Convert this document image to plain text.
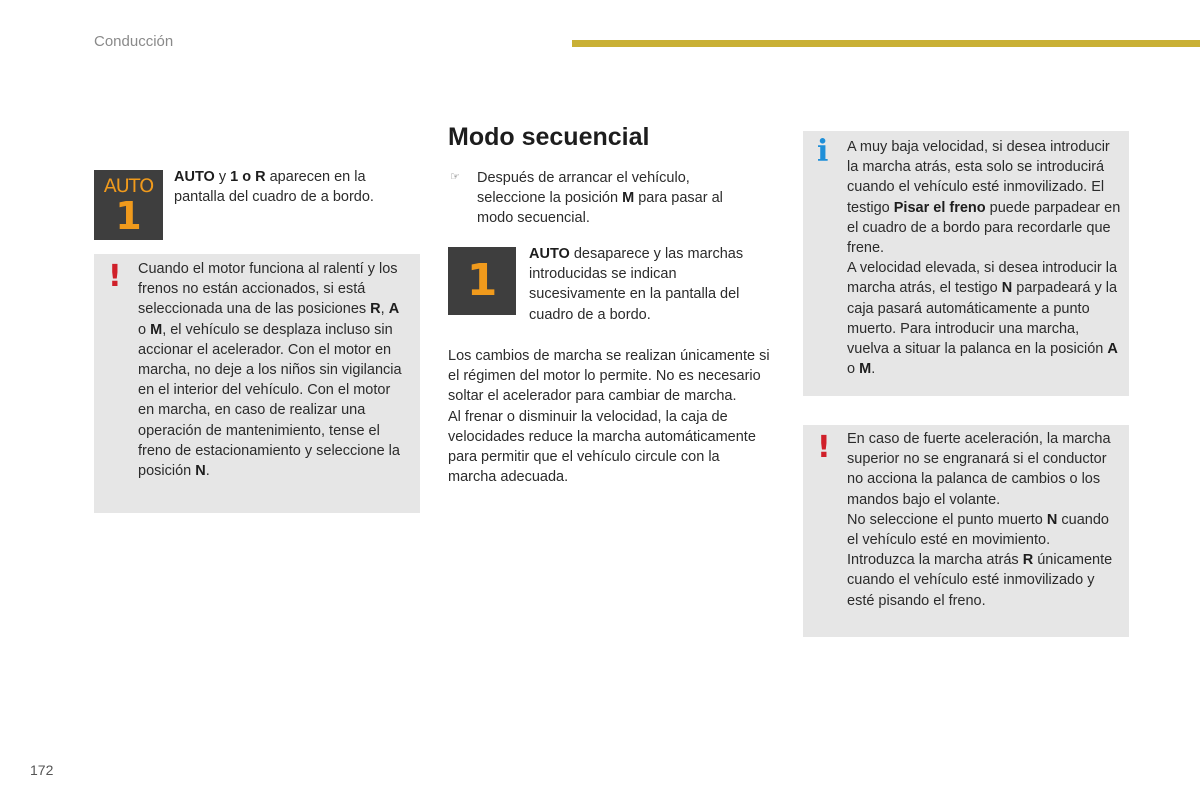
Conducción
AUTO
1
AUTO y 1 o R aparecen en la pantalla del cuadro de a bordo.
! Cuando el motor funciona al ralentí y los frenos no están accionados, si está seleccionada una de las posiciones R, A o M, el vehículo se desplaza incluso sin accionar el acelerador. Con el motor en marcha, no deje a los niños sin vigilancia en el interior del vehículo. Con el motor en marcha, en caso de realizar una operación de mantenimiento, tense el freno de estacionamiento y seleccione la posición N.
Modo secuencial
☞ Después de arrancar el vehículo, seleccione la posición M para pasar al modo secuencial.
1
AUTO desaparece y las marchas introducidas se indican sucesivamente en la pantalla del cuadro de a bordo.
Los cambios de marcha se realizan únicamente si el régimen del motor lo permite. No es necesario soltar el acelerador para cambiar de marcha.
Al frenar o disminuir la velocidad, la caja de velocidades reduce la marcha automáticamente para permitir que el vehículo circule con la marcha adecuada.
i A muy baja velocidad, si desea introducir la marcha atrás, esta solo se introducirá cuando el vehículo esté inmovilizado. El testigo Pisar el freno puede parpadear en el cuadro de a bordo para recordarle que frene.
A velocidad elevada, si desea introducir la marcha atrás, el testigo N parpadeará y la caja pasará automáticamente a punto muerto. Para introducir una marcha, vuelva a situar la palanca en la posición A o M.
! En caso de fuerte aceleración, la marcha superior no se engranará si el conductor no acciona la palanca de cambios o los mandos bajo el volante.
No seleccione el punto muerto N cuando el vehículo esté en movimiento.
Introduzca la marcha atrás R únicamente cuando el vehículo esté inmovilizado y esté pisando el freno.
172
